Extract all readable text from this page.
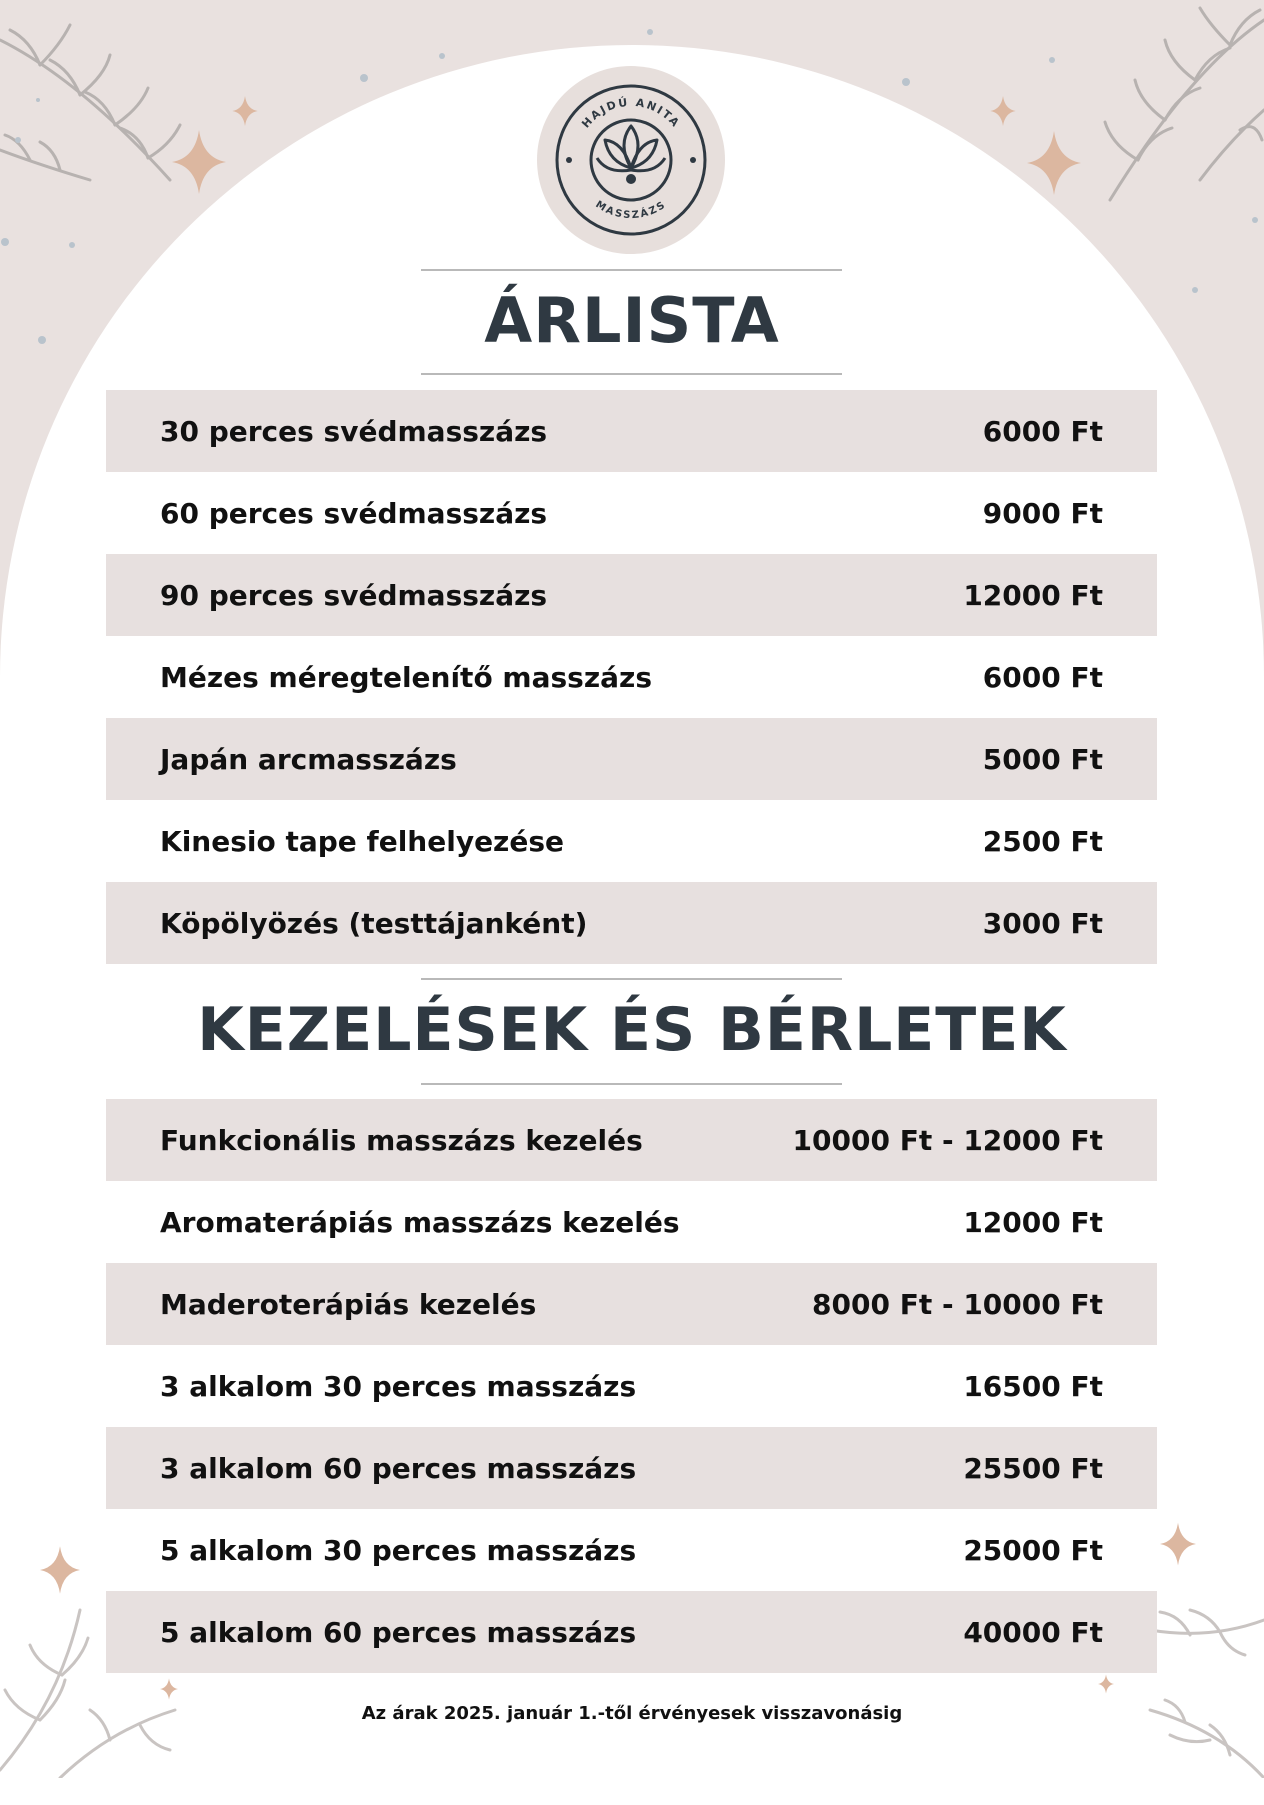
HAJDÚ ANITA
MASSZÁZS
ÁRLISTA
30 perces svédmasszázs	6000 Ft
60 perces svédmasszázs	9000 Ft
90 perces svédmasszázs	12000 Ft
Mézes méregtelenítő masszázs	6000 Ft
Japán arcmasszázs	5000 Ft
Kinesio tape felhelyezése	2500 Ft
Köpölyözés (testtájanként)	3000 Ft
KEZELÉSEK ÉS BÉRLETEK
Funkcionális masszázs kezelés	10000 Ft - 12000 Ft
Aromaterápiás masszázs kezelés	12000 Ft
Maderoterápiás kezelés	8000 Ft - 10000 Ft
3 alkalom 30 perces masszázs	16500 Ft
3 alkalom 60 perces masszázs	25500 Ft
5 alkalom 30 perces masszázs	25000 Ft
5 alkalom 60 perces masszázs	40000 Ft
Az árak 2025. január 1.-től érvényesek visszavonásig
